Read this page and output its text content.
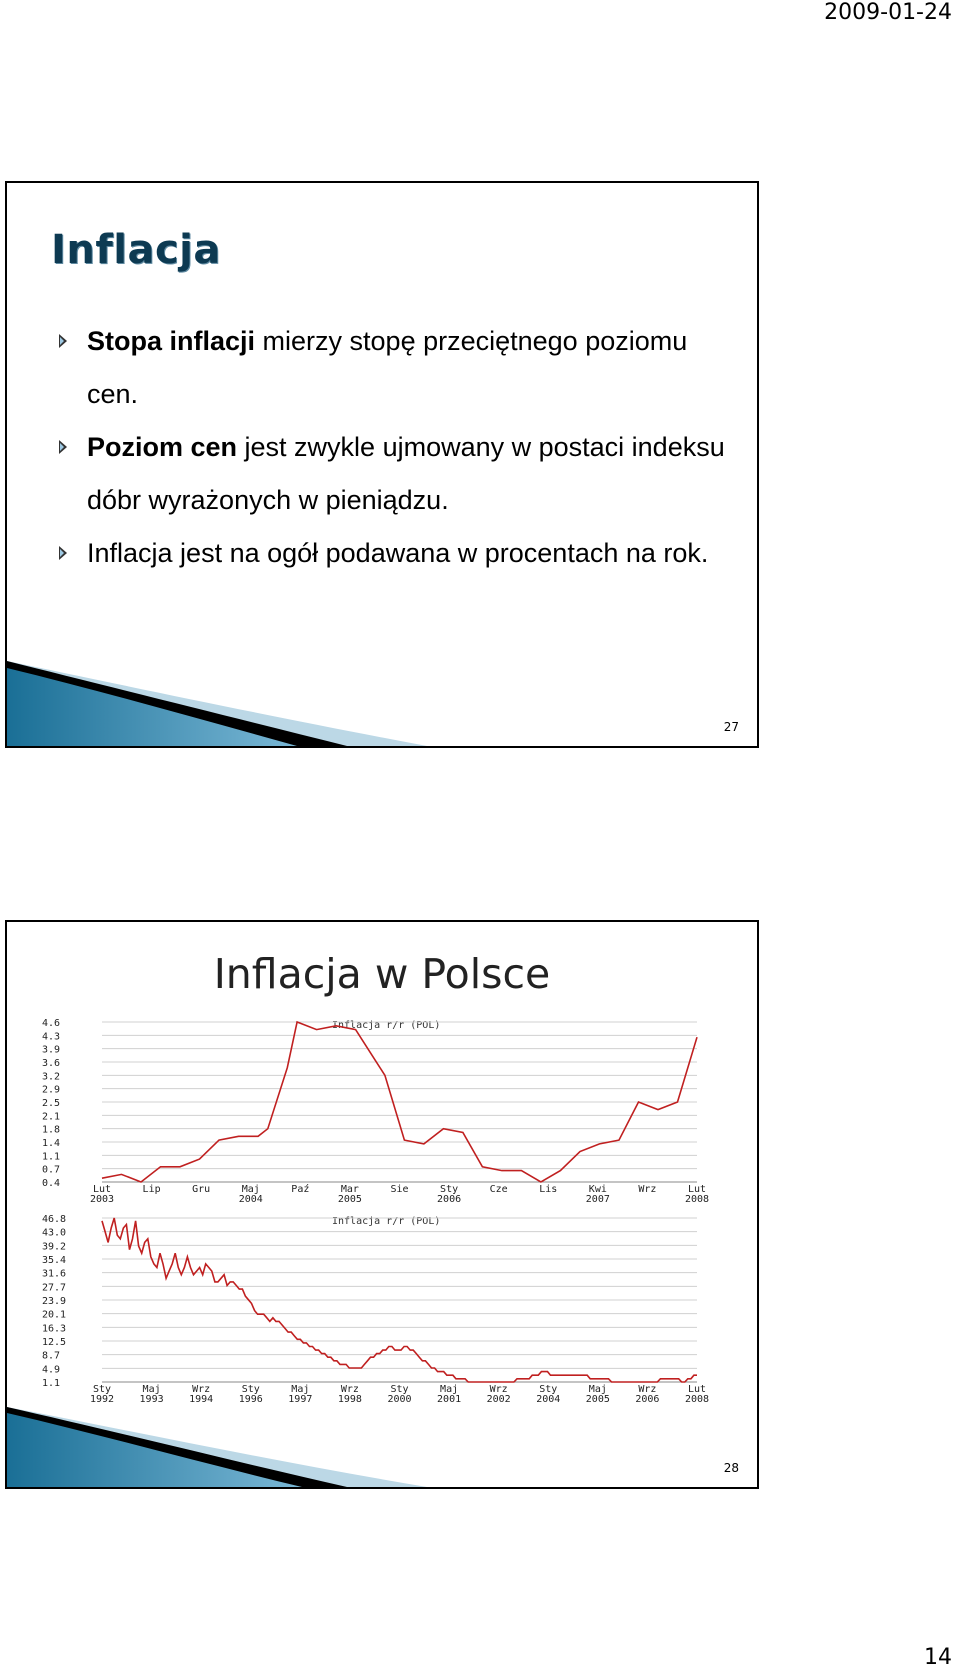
2009-01-24
Inflacja
Stopa inflacji mierzy stopę przeciętnego poziomu cen.
Poziom cen jest zwykle ujmowany w postaci indeksu dóbr wyrażonych w pieniądzu.
Inflacja jest na ogół podawana w procentach na rok.
27
Inflacja w Polsce
Inflacja r/r (POL)
4.6
4.3
3.9
3.6
3.2
2.9
2.5
2.1
1.8
1.4
1.1
0.7
0.4
Lut
2003
Lip	Gru	Maj
2004
Paź	Mar
2005
Sie	Sty
2006
Cze	Lis	Kwi
2007
Wrz	Lut
2008
Inflacja r/r (POL)
46.8
43.0
39.2
35.4
31.6
27.7
23.9
20.1
16.3
12.5
8.7
4.9
1.1
Sty
1992
Maj
1993
Wrz
1994
Sty
1996
Maj
1997
Wrz
1998
Sty
2000
Maj
2001
Wrz
2002
Sty
2004
Maj
2005
Wrz
2006
Lut
2008
28
14
